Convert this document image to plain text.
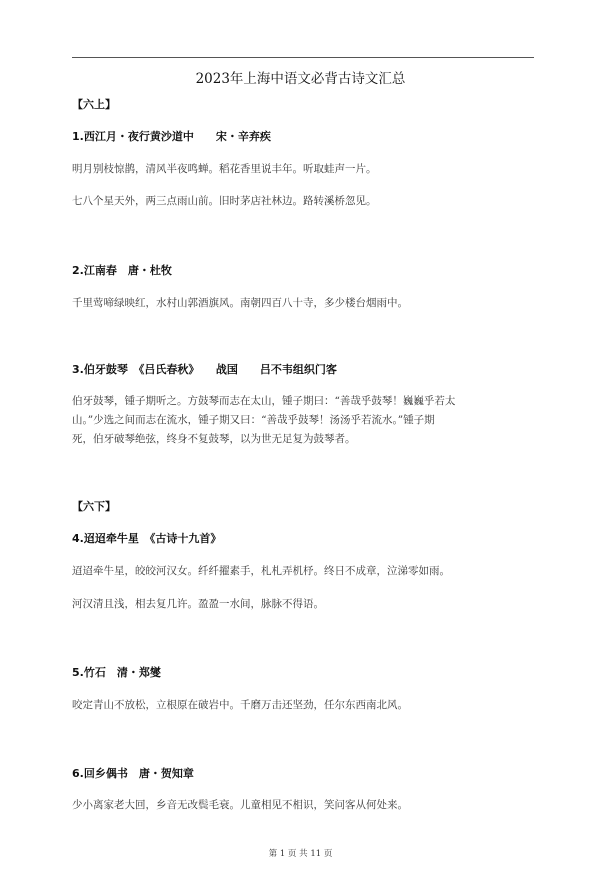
2023年上海中语文必背古诗文汇总
【六上】
1.西江月・夜行黄沙道中　　宋・辛弃疾
明月别枝惊鹊，清风半夜鸣蝉。稻花香里说丰年。听取蛙声一片。
七八个星天外，两三点雨山前。旧时茅店社林边。路转溪桥忽见。
2.江南春　唐・杜牧
千里莺啼绿映红，水村山郭酒旗风。南朝四百八十寺，多少楼台烟雨中。
3.伯牙鼓琴　《吕氏春秋》　　战国　　吕不韦组织门客
伯牙鼓琴，锺子期听之。方鼓琴而志在太山，锺子期曰：“善哉乎鼓琴！巍巍乎若太
山。”少选之间而志在流水，锺子期又曰：“善哉乎鼓琴！汤汤乎若流水。”锺子期
死，伯牙破琴绝弦，终身不复鼓琴，以为世无足复为鼓琴者。
【六下】
4.迢迢牵牛星　《古诗十九首》
迢迢牵牛星，皎皎河汉女。纤纤擢素手，札札弄机杼。终日不成章，泣涕零如雨。
河汉清且浅，相去复几许。盈盈一水间，脉脉不得语。
5.竹石　清・郑燮
咬定青山不放松，立根原在破岩中。千磨万击还坚劲，任尔东西南北风。
6.回乡偶书　唐・贺知章
少小离家老大回，乡音无改鬓毛衰。儿童相见不相识，笑问客从何处来。
第 1 页 共 11 页
